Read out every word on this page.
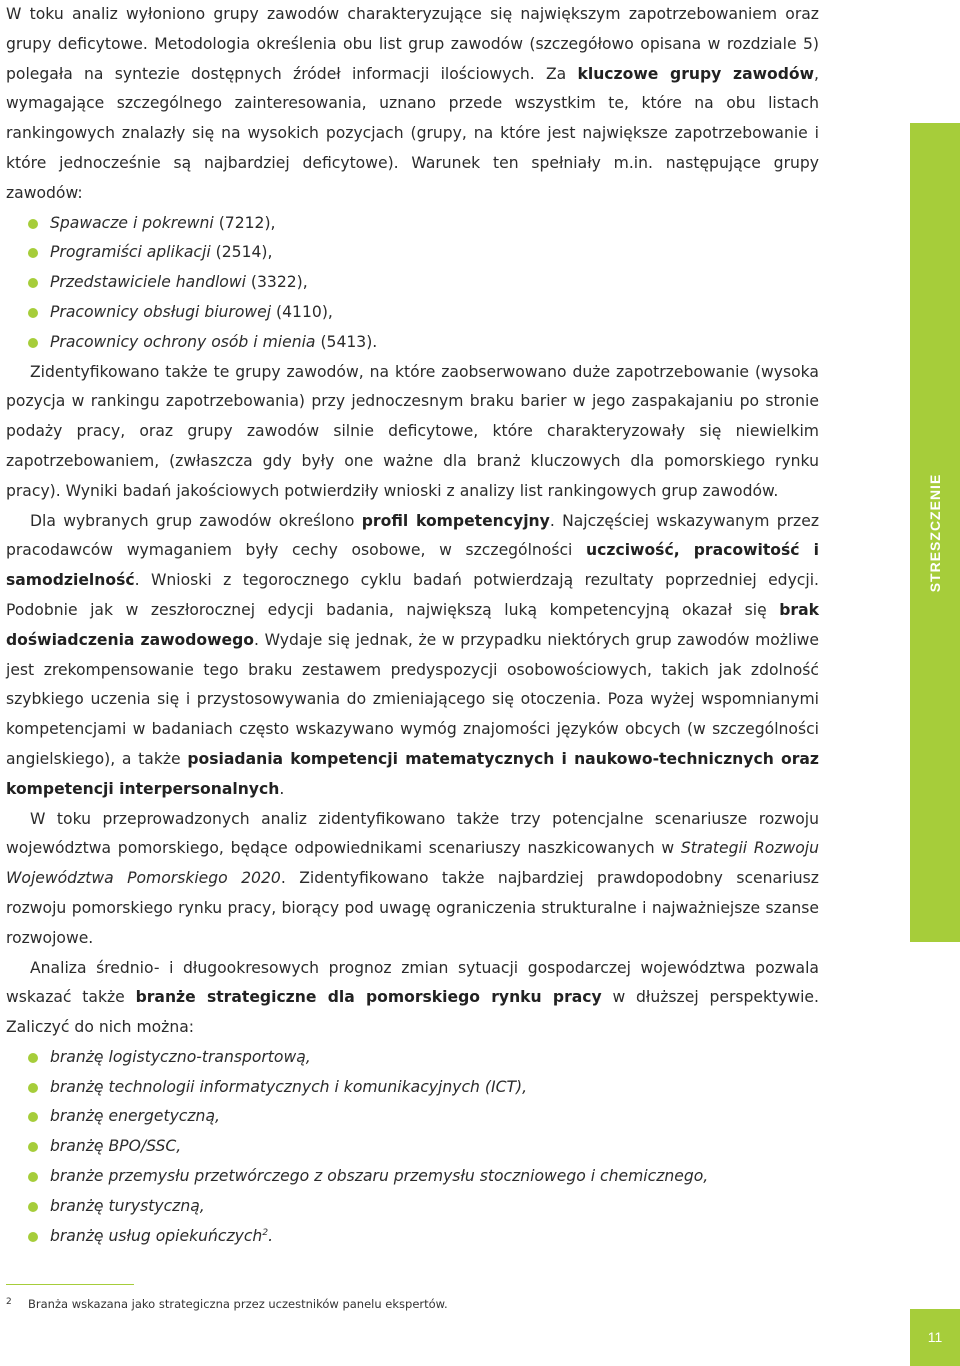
W toku analiz wyłoniono grupy zawodów charakteryzujące się największym zapotrzebowaniem oraz grupy deficytowe. Metodologia określenia obu list grup zawodów (szczegółowo opisana w rozdziale 5) polegała na syntezie dostępnych źródeł informacji ilościowych. Za kluczowe grupy zawodów, wymagające szczególnego zainteresowania, uznano przede wszystkim te, które na obu listach rankingowych znalazły się na wysokich pozycjach (grupy, na które jest największe zapotrzebowanie i które jednocześnie są najbardziej deficytowe). Warunek ten spełniały m.in. następujące grupy zawodów:

Spawacze i pokrewni (7212),
Programiści aplikacji (2514),
Przedstawiciele handlowi (3322),
Pracownicy obsługi biurowej (4110),
Pracownicy ochrony osób i mienia (5413).

Zidentyfikowano także te grupy zawodów, na które zaobserwowano duże zapotrzebowanie (wysoka pozycja w rankingu zapotrzebowania) przy jednoczesnym braku barier w jego zaspakajaniu po stronie podaży pracy, oraz grupy zawodów silnie deficytowe, które charakteryzowały się niewielkim zapotrzebowaniem, (zwłaszcza gdy były one ważne dla branż kluczowych dla pomorskiego rynku pracy). Wyniki badań jakościowych potwierdziły wnioski z analizy list rankingowych grup zawodów.

Dla wybranych grup zawodów określono profil kompetencyjny. Najczęściej wskazywanym przez pracodawców wymaganiem były cechy osobowe, w szczególności uczciwość, pracowitość i samodzielność. Wnioski z tegorocznego cyklu badań potwierdzają rezultaty poprzedniej edycji. Podobnie jak w zeszłorocznej edycji badania, największą luką kompetencyjną okazał się brak doświadczenia zawodowego. Wydaje się jednak, że w przypadku niektórych grup zawodów możliwe jest zrekompensowanie tego braku zestawem predyspozycji osobowościowych, takich jak zdolność szybkiego uczenia się i przystosowywania do zmieniającego się otoczenia. Poza wyżej wspomnianymi kompetencjami w badaniach często wskazywano wymóg znajomości języków obcych (w szczególności angielskiego), a także posiadania kompetencji matematycznych i naukowo-technicznych oraz kompetencji interpersonalnych.

W toku przeprowadzonych analiz zidentyfikowano także trzy potencjalne scenariusze rozwoju województwa pomorskiego, będące odpowiednikami scenariuszy naszkicowanych w Strategii Rozwoju Województwa Pomorskiego 2020. Zidentyfikowano także najbardziej prawdopodobny scenariusz rozwoju pomorskiego rynku pracy, biorący pod uwagę ograniczenia strukturalne i najważniejsze szanse rozwojowe.

Analiza średnio- i długookresowych prognoz zmian sytuacji gospodarczej województwa pozwala wskazać także branże strategiczne dla pomorskiego rynku pracy w dłuższej perspektywie. Zaliczyć do nich można:

branżę logistyczno-transportową,
branżę technologii informatycznych i komunikacyjnych (ICT),
branżę energetyczną,
branżę BPO/SSC,
branże przemysłu przetwórczego z obszaru przemysłu stoczniowego i chemicznego,
branżę turystyczną,
branżę usług opiekuńczych$^2$.
STRESZCZENIE
2 Branża wskazana jako strategiczna przez uczestników panelu ekspertów.
11
